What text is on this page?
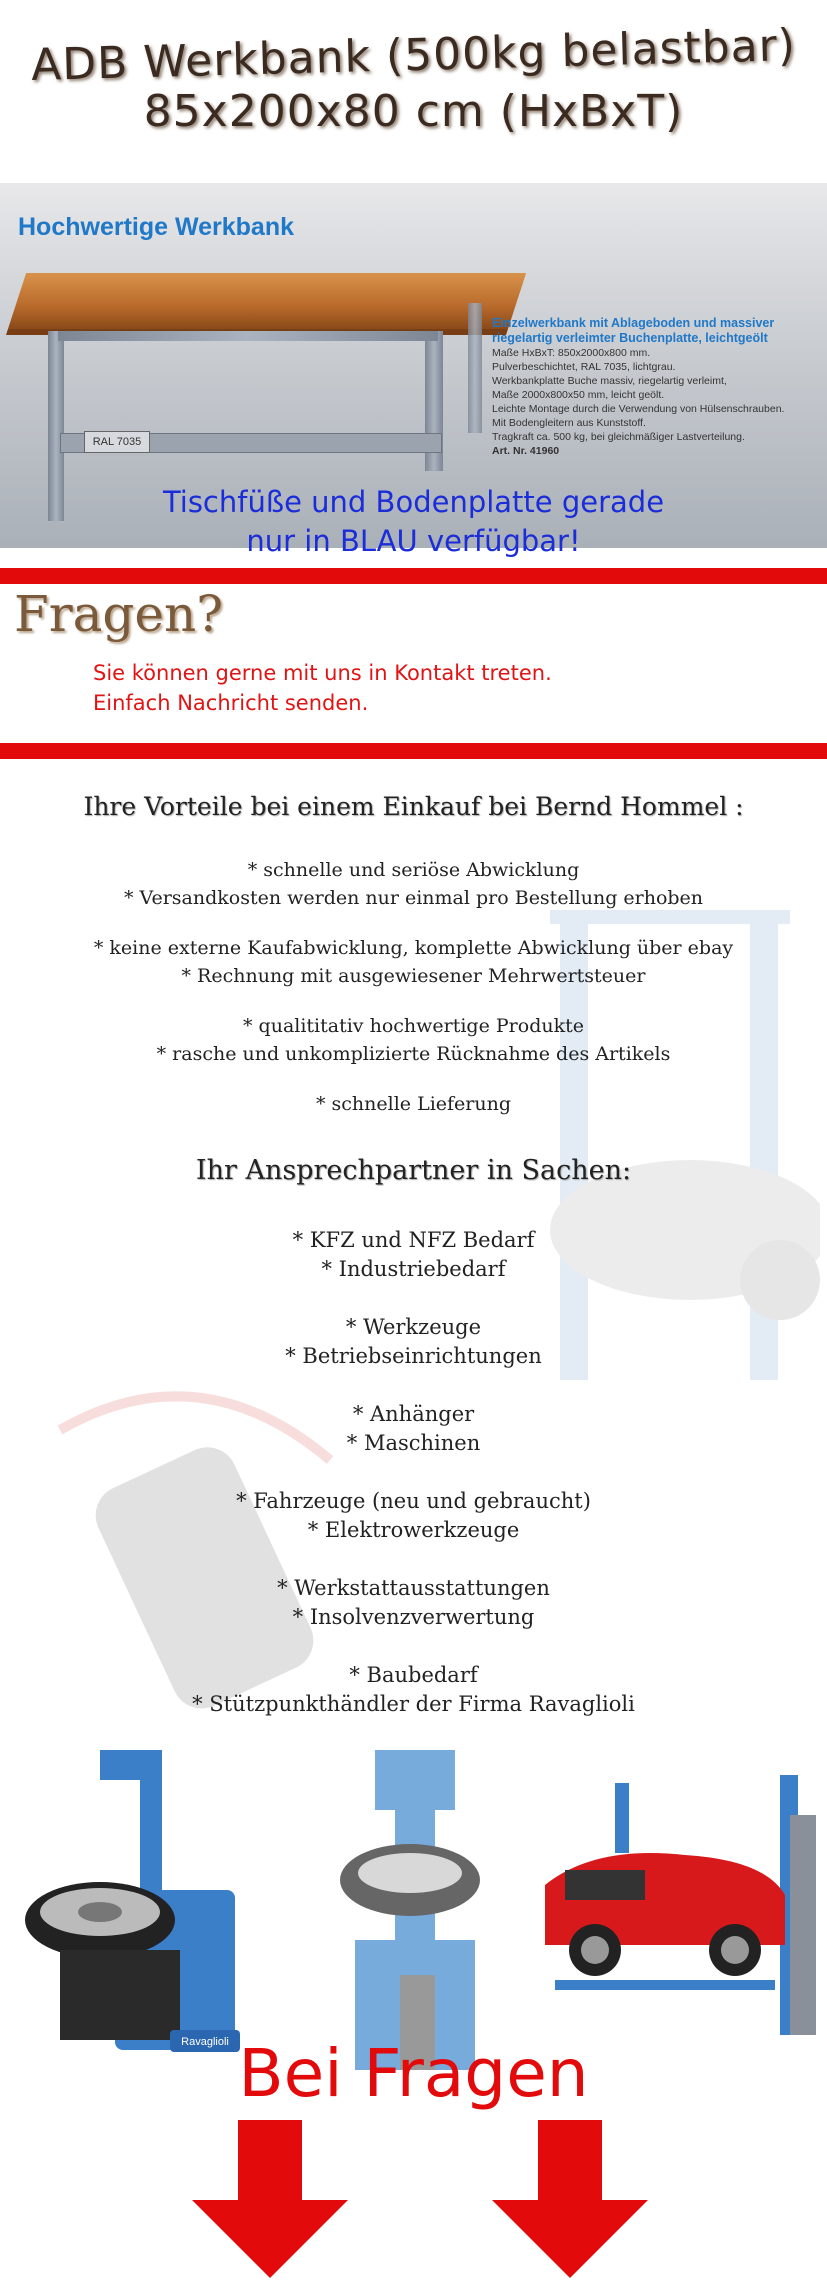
ADB Werkbank (500kg belastbar)
85x200x80 cm (HxBxT)
Hochwertige Werkbank
RAL 7035
Einzelwerkbank mit Ablageboden und massiver riegelartig verleimter Buchenplatte, leichtgeölt
Maße HxBxT: 850x2000x800 mm.
Pulverbeschichtet, RAL 7035, lichtgrau.
Werkbankplatte Buche massiv, riegelartig verleimt,
Maße 2000x800x50 mm, leicht geölt.
Leichte Montage durch die Verwendung von Hülsenschrauben.
Mit Bodengleitern aus Kunststoff.
Tragkraft ca. 500 kg, bei gleichmäßiger Lastverteilung.
Art. Nr. 41960
Tischfüße und Bodenplatte gerade
nur in BLAU verfügbar!
Fragen?
Sie können gerne mit uns in Kontakt treten.
Einfach Nachricht senden.
Ihre Vorteile bei einem Einkauf bei Bernd Hommel :
* schnelle und seriöse Abwicklung
* Versandkosten werden nur einmal pro Bestellung erhoben
* keine externe Kaufabwicklung, komplette Abwicklung über ebay
* Rechnung mit ausgewiesener Mehrwertsteuer
* qualititativ hochwertige Produkte
* rasche und unkomplizierte Rücknahme des Artikels
* schnelle Lieferung
Ihr Ansprechpartner in Sachen:
* KFZ und NFZ Bedarf
* Industriebedarf
* Werkzeuge
* Betriebseinrichtungen
* Anhänger
* Maschinen
* Fahrzeuge (neu und gebraucht)
* Elektrowerkzeuge
* Werkstattausstattungen
* Insolvenzverwertung
* Baubedarf
* Stützpunkthändler der Firma Ravaglioli
Ravaglioli Bei Fragen
